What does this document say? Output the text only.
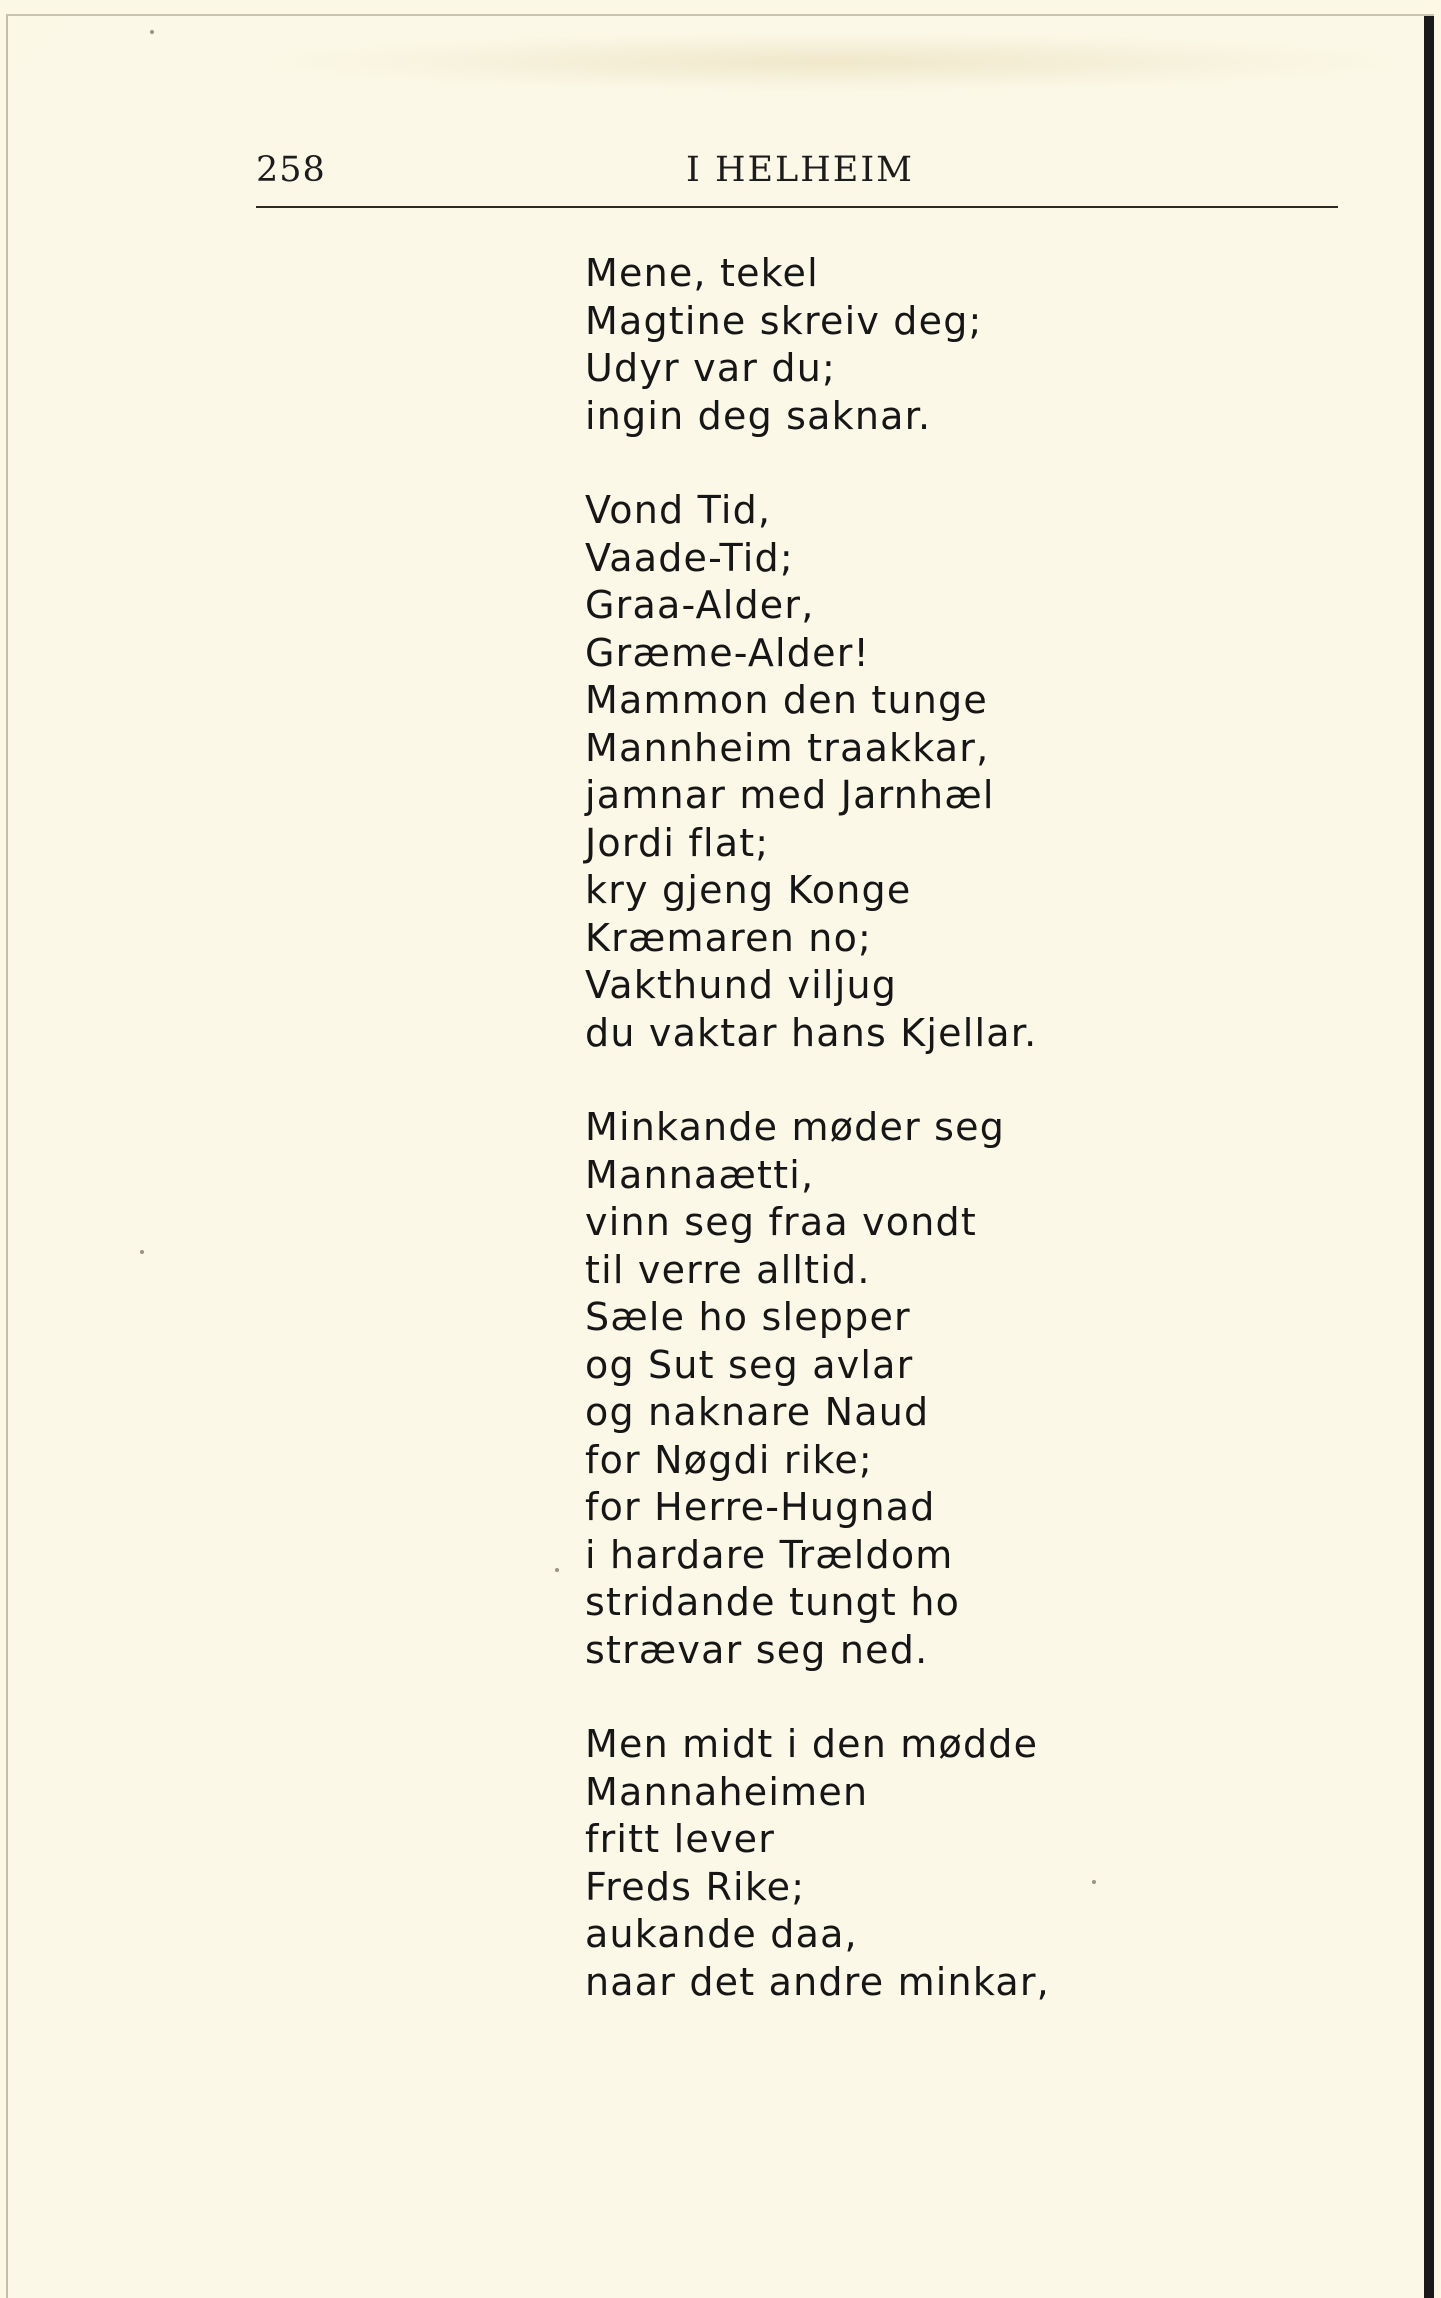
258	I HELHEIM
Mene, tekel
Magtine skreiv deg;
Udyr var du;
ingin deg saknar.
Vond Tid,
Vaade-Tid;
Graa-Alder,
Græme-Alder!
Mammon den tunge
Mannheim traakkar,
jamnar med Jarnhæl
Jordi flat;
kry gjeng Konge
Kræmaren no;
Vakthund viljug
du vaktar hans Kjellar.
Minkande møder seg
Mannaætti,
vinn seg fraa vondt
til verre alltid.
Sæle ho slepper
og Sut seg avlar
og naknare Naud
for Nøgdi rike;
for Herre-Hugnad
i hardare Trældom
stridande tungt ho
strævar seg ned.
Men midt i den mødde
Mannaheimen
fritt lever
Freds Rike;
aukande daa,
naar det andre minkar,
